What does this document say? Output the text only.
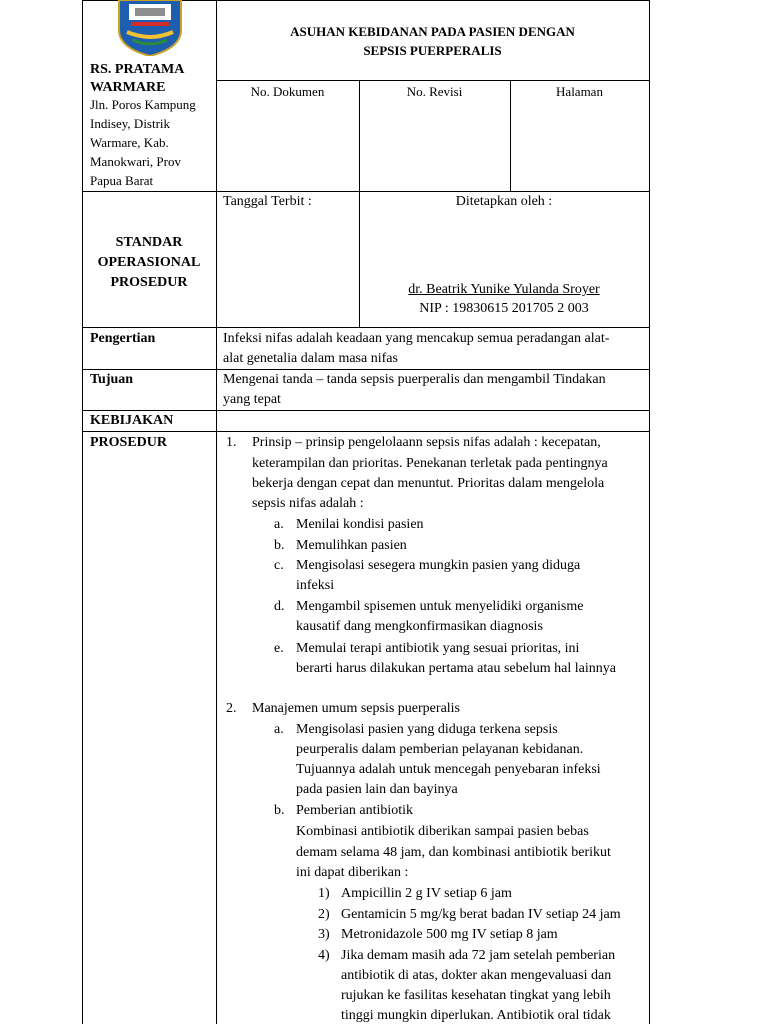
RS. PRATAMA
WARMARE
Jln. Poros Kampung
Indisey, Distrik
Warmare, Kab.
Manokwari, Prov
Papua Barat
ASUHAN KEBIDANAN PADA PASIEN DENGAN
SEPSIS PUERPERALIS
No. Dokumen	No. Revisi	Halaman
STANDAR
OPERASIONAL
PROSEDUR
Tanggal Terbit :	Ditetapkan oleh :
dr. Beatrik Yunike Yulanda Sroyer
NIP : 19830615 201705 2 003
Pengertian	Infeksi nifas adalah keadaan yang mencakup semua peradangan alat-
alat genetalia dalam masa nifas
Tujuan	Mengenai tanda – tanda sepsis puerperalis dan mengambil Tindakan
yang tepat
KEBIJAKAN
PROSEDUR	1. Prinsip – prinsip pengelolaann sepsis nifas adalah : kecepatan,
keterampilan dan prioritas. Penekanan terletak pada pentingnya
bekerja dengan cepat dan menuntut. Prioritas dalam mengelola
sepsis nifas adalah :
a. Menilai kondisi pasien
b. Memulihkan pasien
c. Mengisolasi sesegera mungkin pasien yang diduga
infeksi
d. Mengambil spisemen untuk menyelidiki organisme
kausatif dang mengkonfirmasikan diagnosis
e. Memulai terapi antibiotik yang sesuai prioritas, ini
berarti harus dilakukan pertama atau sebelum hal lainnya
2. Manajemen umum sepsis puerperalis
a. Mengisolasi pasien yang diduga terkena sepsis
peurperalis dalam pemberian pelayanan kebidanan.
Tujuannya adalah untuk mencegah penyebaran infeksi
pada pasien lain dan bayinya
b. Pemberian antibiotik
Kombinasi antibiotik diberikan sampai pasien bebas
demam selama 48 jam, dan kombinasi antibiotik berikut
ini dapat diberikan :
1) Ampicillin 2 g IV setiap 6 jam
2) Gentamicin 5 mg/kg berat badan IV setiap 24 jam
3) Metronidazole 500 mg IV setiap 8 jam
4) Jika demam masih ada 72 jam setelah pemberian
antibiotik di atas, dokter akan mengevaluasi dan
rujukan ke fasilitas kesehatan tingkat yang lebih
tinggi mungkin diperlukan. Antibiotik oral tidak
